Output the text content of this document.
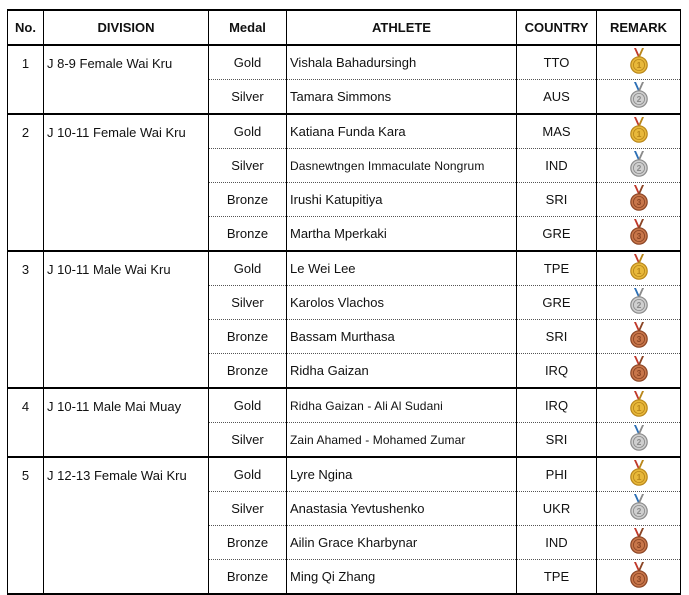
No.	DIVISION	Medal	ATHLETE	COUNTRY	REMARK
1	J 8-9 Female Wai Kru	Gold	Vishala Bahadursingh	TTO	1

		Silver	Tamara Simmons	AUS	2

2	J 10-11 Female Wai Kru	Gold	Katiana Funda Kara	MAS	1

		Silver	Dasnewtngen Immaculate Nongrum	IND	2

		Bronze	Irushi Katupitiya	SRI	3

		Bronze	Martha Mperkaki	GRE	3

3	J 10-11 Male Wai Kru	Gold	Le Wei Lee	TPE	1

		Silver	Karolos Vlachos	GRE	2

		Bronze	Bassam Murthasa	SRI	3

		Bronze	Ridha Gaizan	IRQ	3

4	J 10-11 Male Mai Muay	Gold	Ridha Gaizan - Ali Al Sudani	IRQ	1

		Silver	Zain Ahamed - Mohamed Zumar	SRI	2

5	J 12-13 Female Wai Kru	Gold	Lyre Ngina	PHI	1

		Silver	Anastasia Yevtushenko	UKR	2

		Bronze	Ailin Grace Kharbynar	IND	3

		Bronze	Ming Qi Zhang	TPE	3
